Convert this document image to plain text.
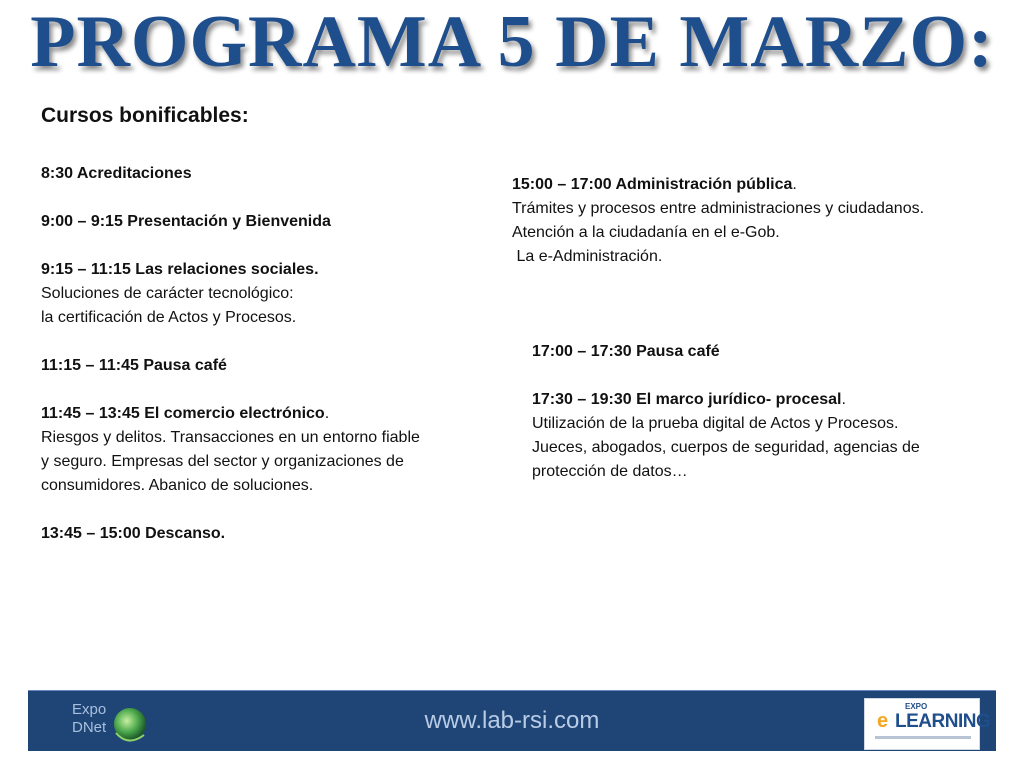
PROGRAMA 5 DE MARZO:
Cursos bonificables:
8:30 Acreditaciones
9:00 – 9:15 Presentación y Bienvenida
9:15 – 11:15 Las relaciones sociales.
Soluciones de carácter tecnológico:
la certificación de Actos y Procesos.
11:15 – 11:45 Pausa café
11:45 – 13:45 El comercio electrónico.
Riesgos y delitos. Transacciones en un entorno fiable
y seguro. Empresas del sector y organizaciones de
consumidores. Abanico de soluciones.
13:45 – 15:00 Descanso.
15:00 – 17:00 Administración pública.
Trámites y procesos entre administraciones y ciudadanos.
Atención a la ciudadanía en el e-Gob.
La e-Administración.
17:00 – 17:30 Pausa café
17:30 – 19:30 El marco jurídico- procesal.
Utilización de la prueba digital de Actos y Procesos.
Jueces, abogados, cuerpos de seguridad, agencias de
protección de datos…
Expo
DNet	www.lab-rsi.com
EXPO
e LEARNING
